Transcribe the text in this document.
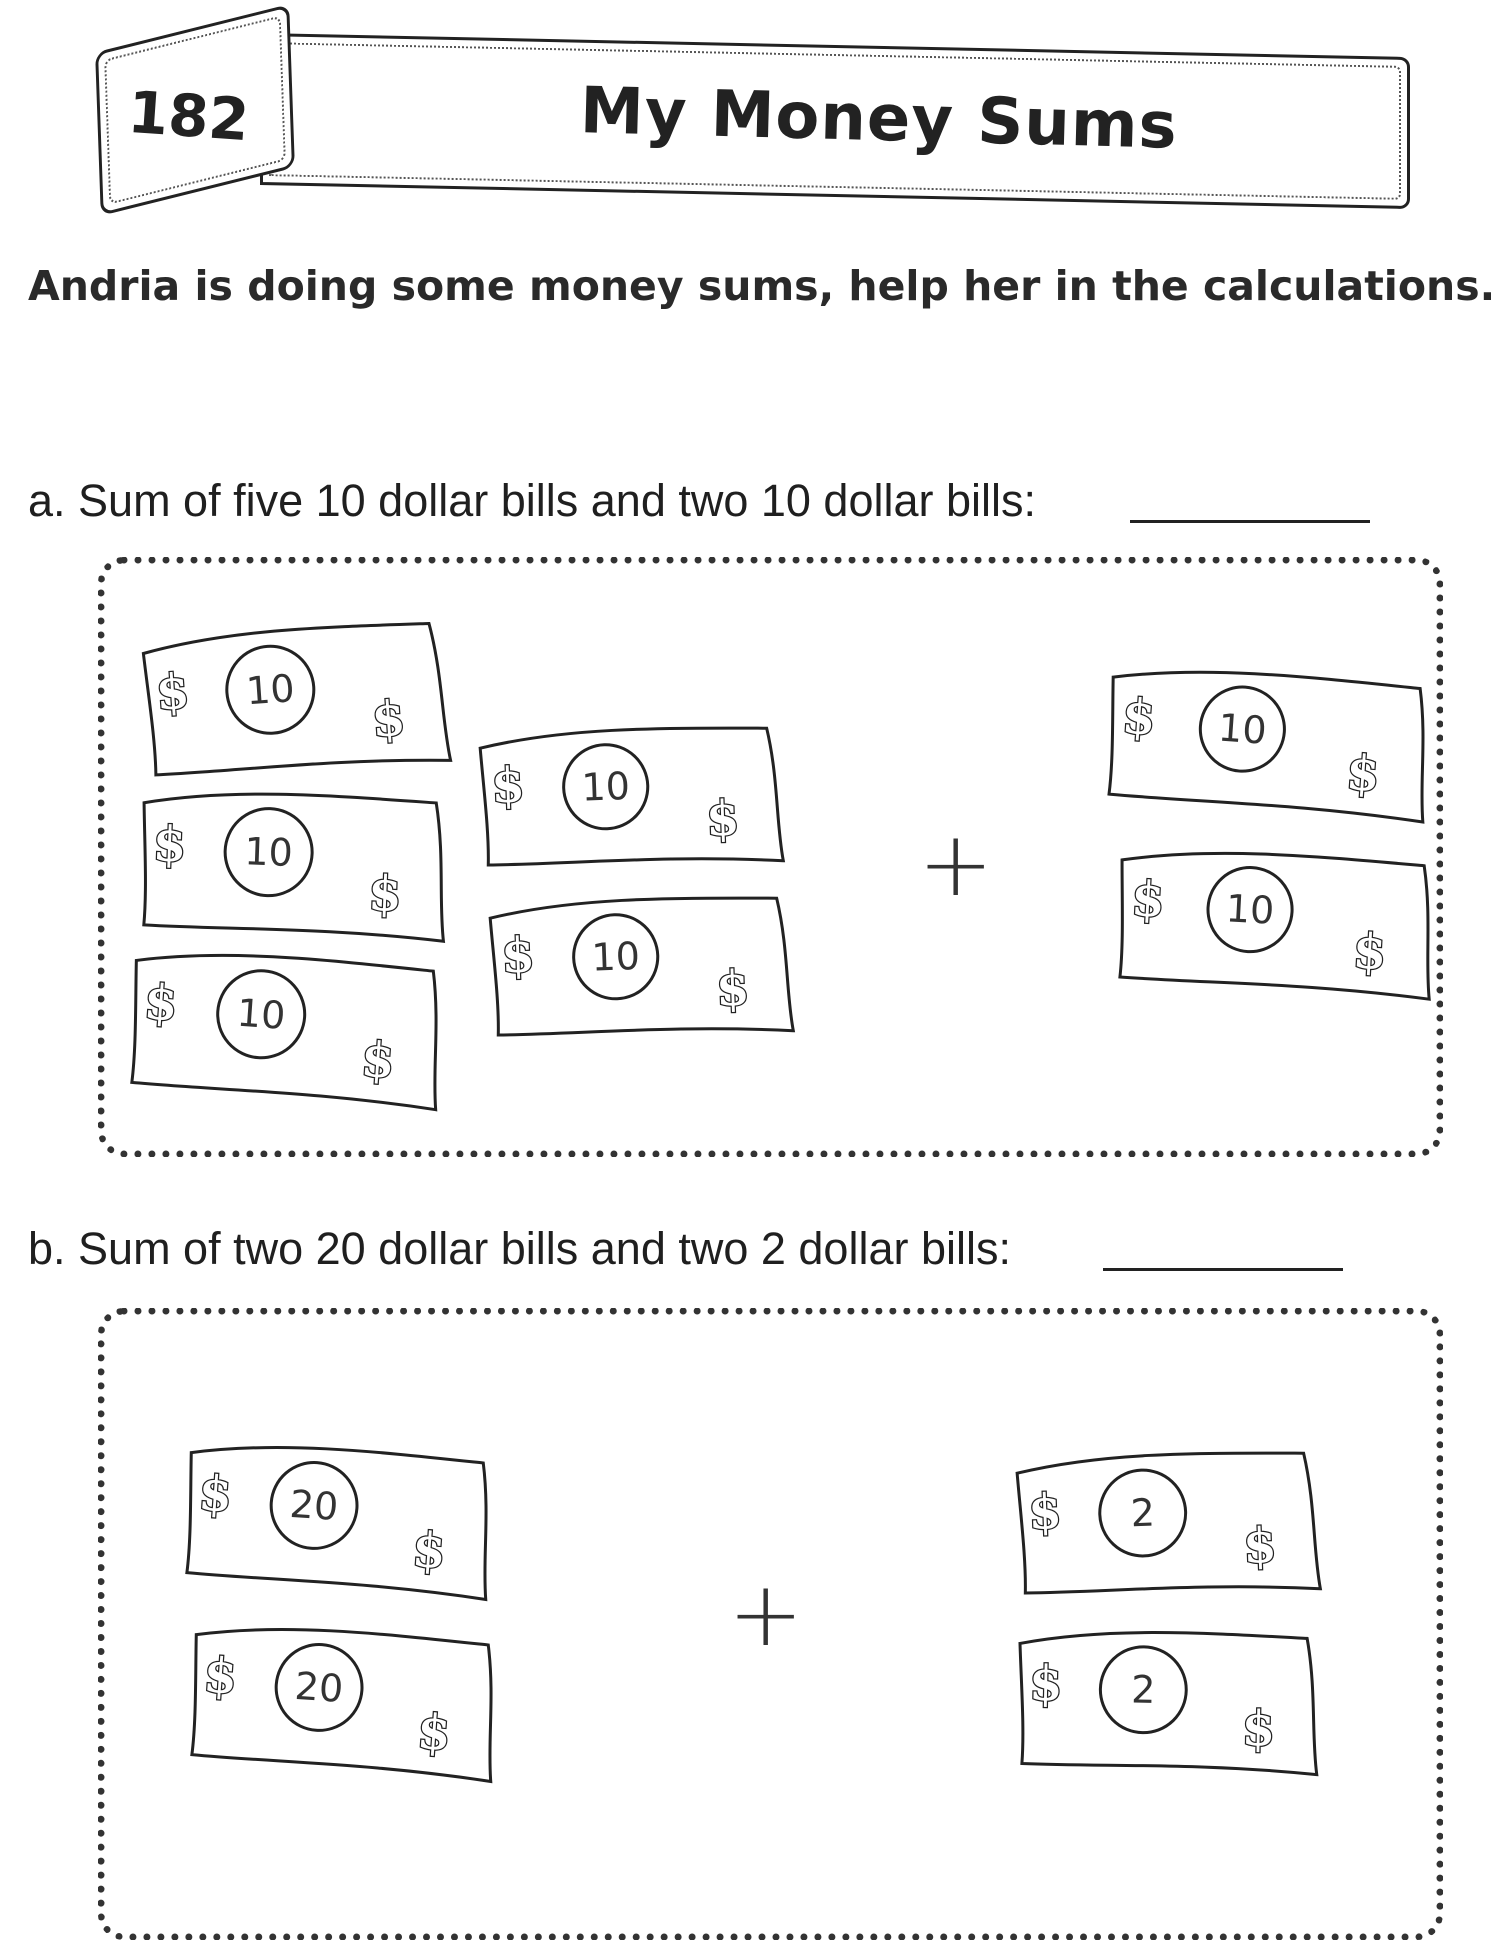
182	My Money Sums
Andria is doing some money sums, help her in the calculations.
a. Sum of five 10 dollar bills and two 10 dollar bills:
b. Sum of two 20 dollar bills and two 2 dollar bills:
+
+
10
$	$
10
$
$
10
$
$
10
$
$
10
$
$
10
$
$
10
$
$
20
$
$
20
$
$
2
$
$
2
$
$
